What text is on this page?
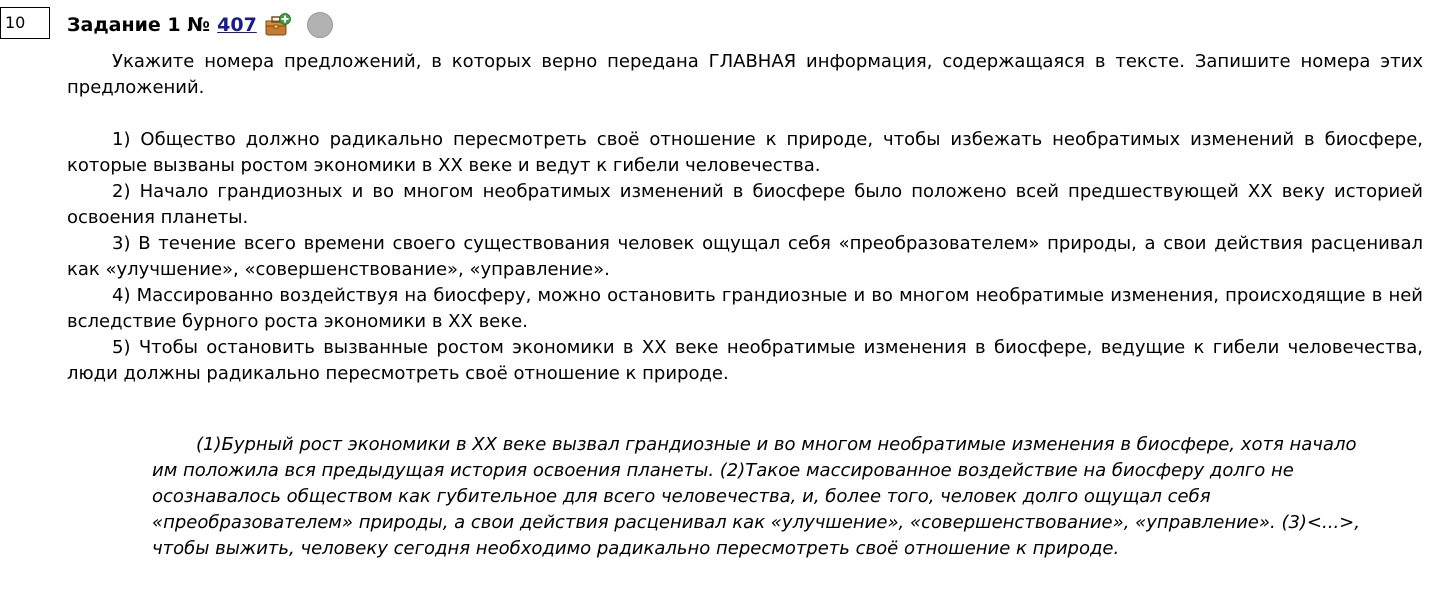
10	Задание 1 № 407

Укажите номера предложений, в которых верно передана ГЛАВНАЯ информация, содержащаяся в тексте. Запишите номера этих предложений.

1) Общество должно радикально пересмотреть своё отношение к природе, чтобы избежать необратимых изменений в биосфере, которые вызваны ростом экономики в XX веке и ведут к гибели человечества.

2) Начало грандиозных и во многом необратимых изменений в биосфере было положено всей предшествующей XX веку историей освоения планеты.

3) В течение всего времени своего существования человек ощущал себя «преобразователем» природы, а свои действия расценивал как «улучшение», «совершенствование», «управление».

4) Массированно воздействуя на биосферу, можно остановить грандиозные и во многом необратимые изменения, происходящие в ней вследствие бурного роста экономики в XX веке.

5) Чтобы остановить вызванные ростом экономики в XX веке необратимые изменения в биосфере, ведущие к гибели человечества, люди должны радикально пересмотреть своё отношение к природе.

(1)Бурный рост экономики в XX веке вызвал грандиозные и во многом необратимые изменения в биосфере, хотя начало им положила вся предыдущая история освоения планеты. (2)Такое массированное воздействие на биосферу долго не осознавалось обществом как губительное для всего человечества, и, более того, человек долго ощущал себя «преобразователем» природы, а свои действия расценивал как «улучшение», «совершенствование», «управление». (3)<...>, чтобы выжить, человеку сегодня необходимо радикально пересмотреть своё отношение к природе.
